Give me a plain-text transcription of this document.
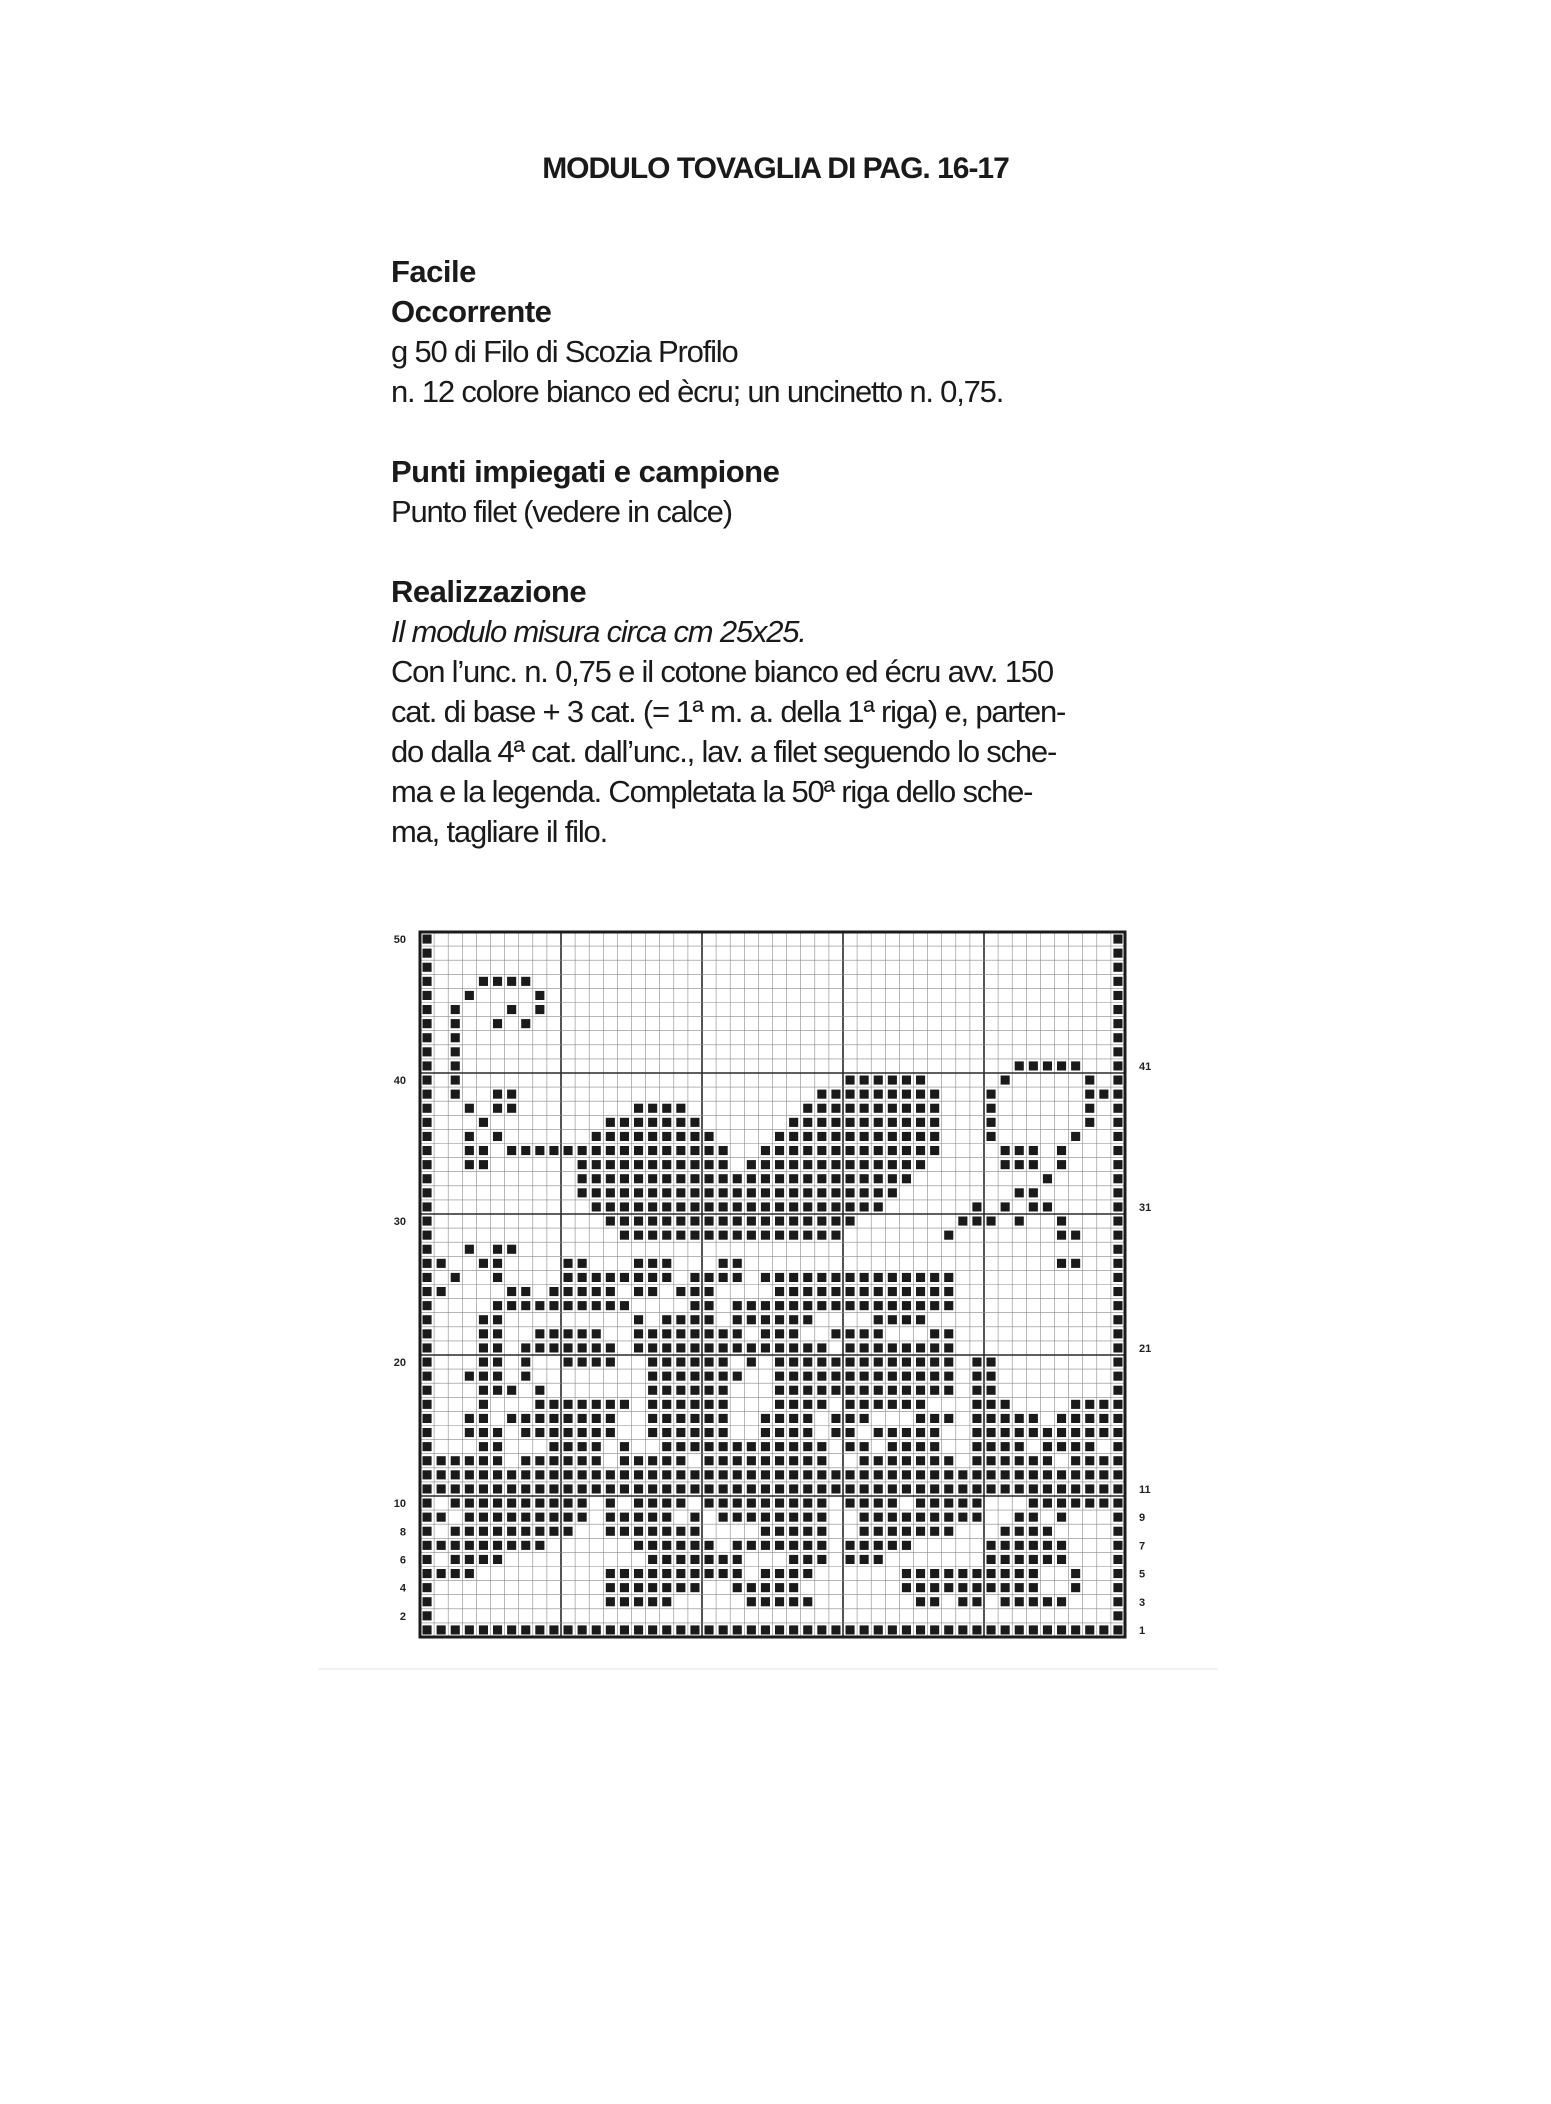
MODULO TOVAGLIA DI PAG. 16-17
Facile
Occorrente
g 50 di Filo di Scozia Profilo
n. 12 colore bianco ed ècru; un uncinetto n. 0,75.
Punti impiegati e campione
Punto filet (vedere in calce)
Realizzazione
Il modulo misura circa cm 25x25.
Con l’unc. n. 0,75 e il cotone bianco ed écru avv. 150
cat. di base + 3 cat. (= 1ª m. a. della 1ª riga) e, parten-
do dalla 4ª cat. dall’unc., lav. a filet seguendo lo sche-
ma e la legenda. Completata la 50ª riga dello sche-
ma, tagliare il filo.
50
40
30
20
10
8
6
4
2
41
31
21
11
9
7
5
3
1
